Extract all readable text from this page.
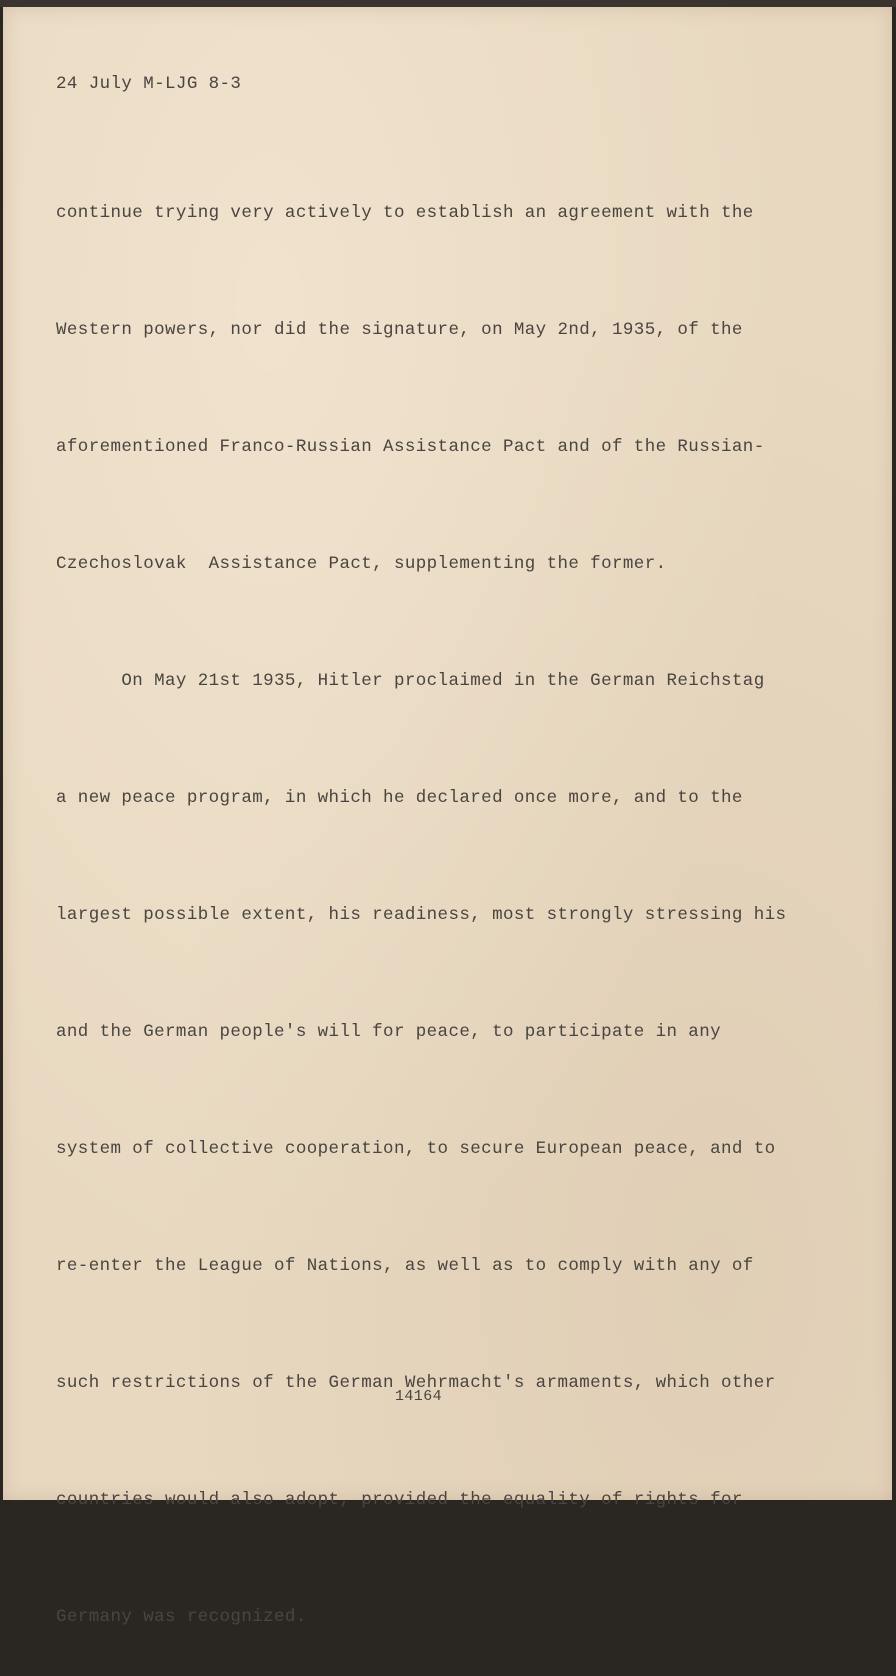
24 July M-LJG 8-3

continue trying very actively to establish an agreement with the

Western powers, nor did the signature, on May 2nd, 1935, of the

aforementioned Franco-Russian Assistance Pact and of the Russian-

Czechoslovak  Assistance Pact, supplementing the former.

On May 21st 1935, Hitler proclaimed in the German Reichstag

a new peace program, in which he declared once more, and to the

largest possible extent, his readiness, most strongly stressing his

and the German people's will for peace, to participate in any

system of collective cooperation, to secure European peace, and to

re-enter the League of Nations, as well as to comply with any of

such restrictions of the German Wehrmacht's armaments, which other

countries would also adopt, provided the equality of rights for

Germany was recognized.

14164
